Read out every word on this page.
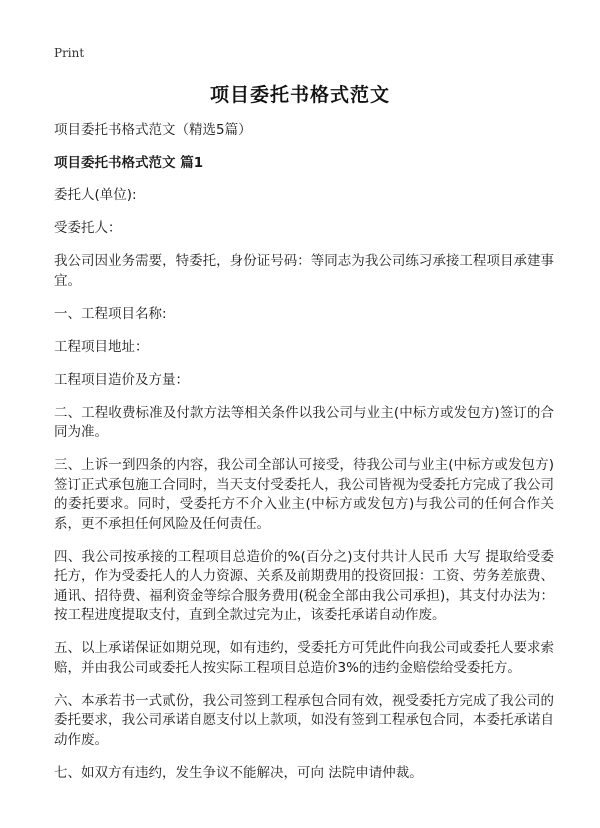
Print
项目委托书格式范文

项目委托书格式范文（精选5篇）

项目委托书格式范文 篇1

委托人(单位):

受委托人：

我公司因业务需要，特委托，身份证号码：等同志为我公司练习承接工程项目承建事宜。

一、工程项目名称:

工程项目地址：

工程项目造价及方量：

二、工程收费标准及付款方法等相关条件以我公司与业主(中标方或发包方)签订的合同为准。

三、上诉一到四条的内容，我公司全部认可接受，待我公司与业主(中标方或发包方)签订正式承包施工合同时，当天支付受委托人，我公司皆视为受委托方完成了我公司的委托要求。同时，受委托方不介入业主(中标方或发包方)与我公司的任何合作关系，更不承担任何风险及任何责任。

四、我公司按承接的工程项目总造价的%(百分之)支付共计人民币 大写 提取给受委托方，作为受委托人的人力资源、关系及前期费用的投资回报：工资、劳务差旅费、通讯、招待费、福利资金等综合服务费用(税金全部由我公司承担)，其支付办法为：按工程进度提取支付，直到全款过完为止，该委托承诺自动作废。

五、以上承诺保证如期兑现，如有违约，受委托方可凭此件向我公司或委托人要求索赔，并由我公司或委托人按实际工程项目总造价3%的违约金赔偿给受委托方。

六、本承若书一式贰份，我公司签到工程承包合同有效，视受委托方完成了我公司的委托要求，我公司承诺自愿支付以上款项，如没有签到工程承包合同，本委托承诺自动作废。

七、如双方有违约，发生争议不能解决，可向 法院申请仲裁。
